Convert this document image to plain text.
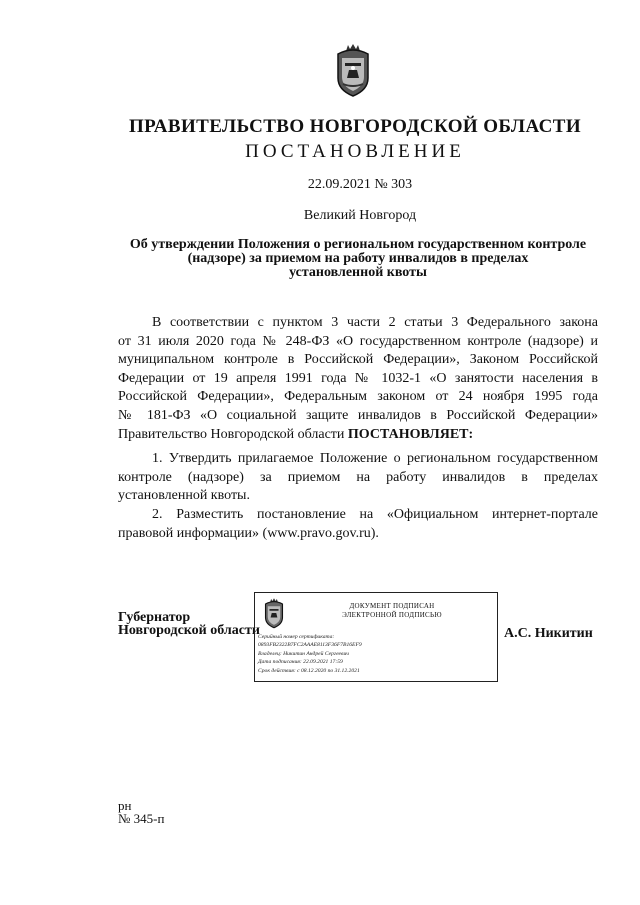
ПРАВИТЕЛЬСТВО НОВГОРОДСКОЙ ОБЛАСТИ
ПОСТАНОВЛЕНИЕ
22.09.2021 № 303
Великий Новгород
Об утверждении Положения о региональном государственном контроле
(надзоре) за приемом на работу инвалидов в пределах
установленной квоты
В соответствии с пунктом 3 части 2 статьи 3 Федерального закона
от 31 июля 2020 года № 248-ФЗ «О государственном контроле (надзоре) и
муниципальном контроле в Российской Федерации», Законом Российской
Федерации от 19 апреля 1991 года № 1032-1 «О занятости населения в
Российской Федерации», Федеральным законом от 24 ноября 1995 года
№ 181-ФЗ «О социальной защите инвалидов в Российской Федерации»
Правительство Новгородской области ПОСТАНОВЛЯЕТ:
1. Утвердить прилагаемое Положение о региональном государственном
контроле (надзоре) за приемом на работу инвалидов в пределах
установленной квоты.
2. Разместить постановление на «Официальном интернет-портале
правовой информации» (www.pravo.gov.ru).
Губернатор
Новгородской области
ДОКУМЕНТ ПОДПИСАН
ЭЛЕКТРОННОЙ ПОДПИСЬЮ
Серийный номер сертификата:
0893FB2322B7FC2AAAE8113F36F7B16EF9
Владелец: Никитин Андрей Сергеевич
Дата подписания: 22.09.2021 17:59
Срок действия: с 08.12.2020 по 31.12.2021
А.С. Никитин
рн
№ 345-п
